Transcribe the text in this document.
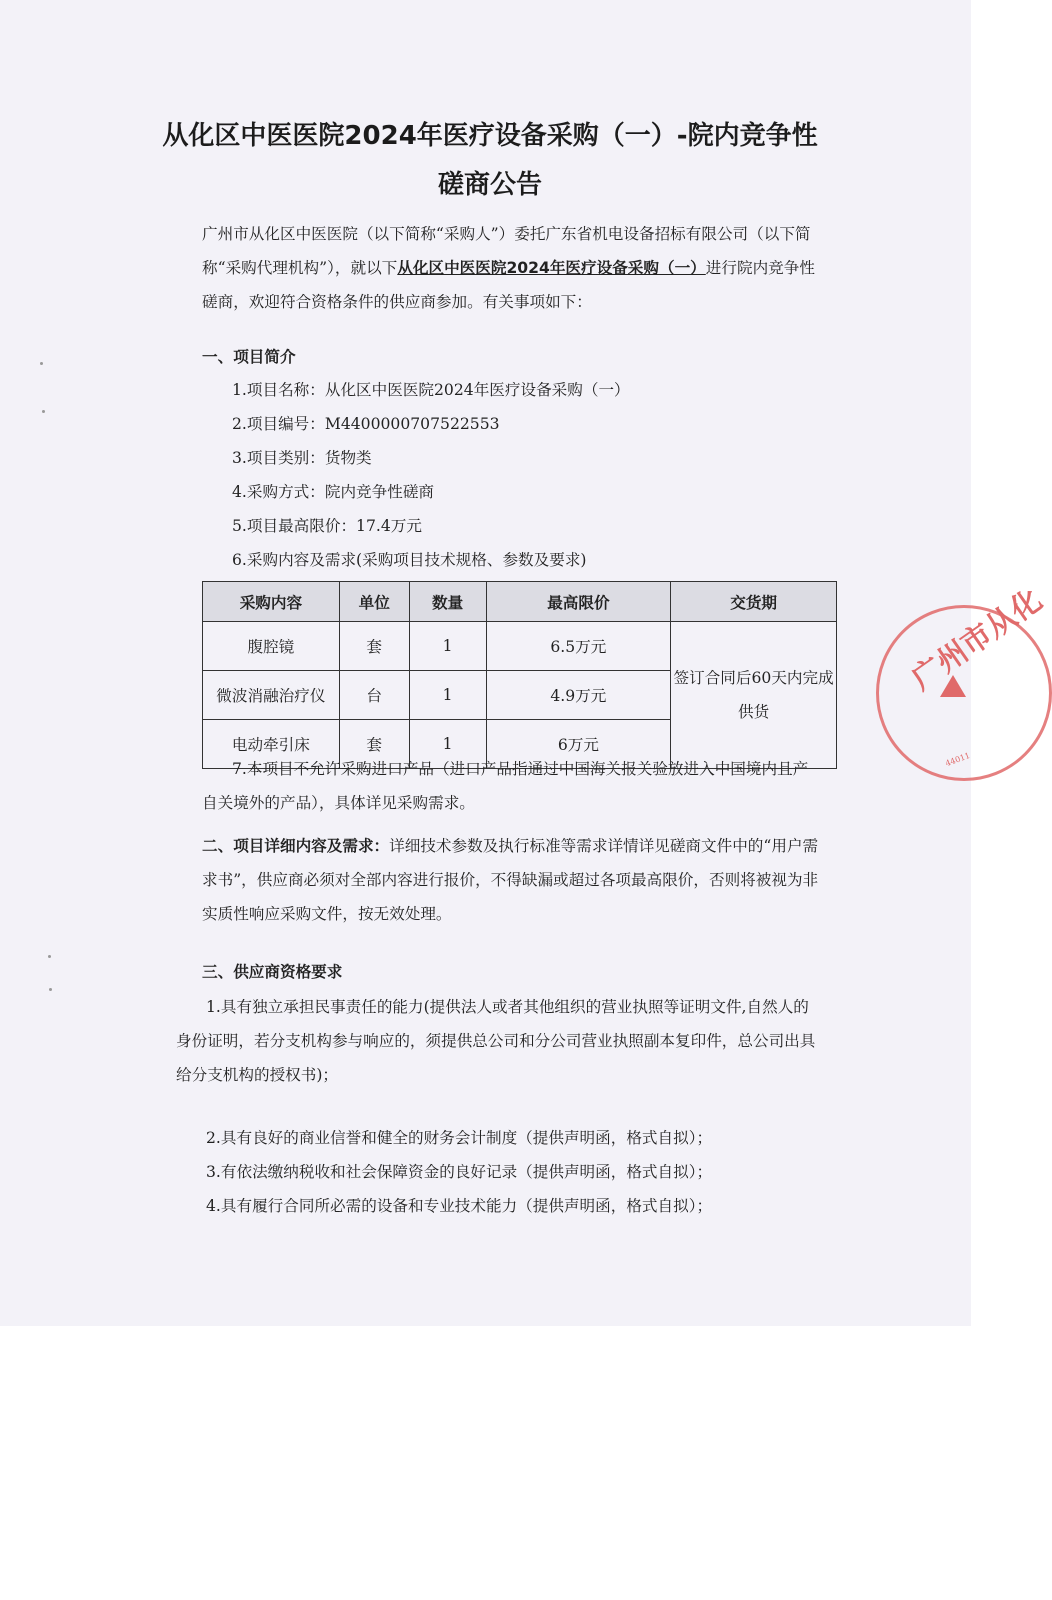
从化区中医医院2024年医疗设备采购（一）-院内竞争性磋商公告
广州市从化区中医医院（以下简称“采购人”）委托广东省机电设备招标有限公司（以下简称“采购代理机构”），就以下从化区中医医院2024年医疗设备采购（一）进行院内竞争性磋商，欢迎符合资格条件的供应商参加。有关事项如下：
一、项目简介
1.项目名称：从化区中医医院2024年医疗设备采购（一）
2.项目编号：M4400000707522553
3.项目类别：货物类
4.采购方式：院内竞争性磋商
5.项目最高限价：17.4万元
6.采购内容及需求(采购项目技术规格、参数及要求)
采购内容	单位	数量	最高限价	交货期
腹腔镜	套	1	6.5万元	签订合同后60天内完成供货
微波消融治疗仪	台	1	4.9万元	
电动牵引床	套	1	6万元	
7.本项目不允许采购进口产品（进口产品指通过中国海关报关验放进入中国境内且产自关境外的产品），具体详见采购需求。
二、项目详细内容及需求：详细技术参数及执行标准等需求详情详见磋商文件中的“用户需求书”，供应商必须对全部内容进行报价，不得缺漏或超过各项最高限价，否则将被视为非实质性响应采购文件，按无效处理。
三、供应商资格要求
1.具有独立承担民事责任的能力(提供法人或者其他组织的营业执照等证明文件,自然人的身份证明，若分支机构参与响应的，须提供总公司和分公司营业执照副本复印件，总公司出具给分支机构的授权书)；
2.具有良好的商业信誉和健全的财务会计制度（提供声明函，格式自拟）；
3.有依法缴纳税收和社会保障资金的良好记录（提供声明函，格式自拟）；
4.具有履行合同所必需的设备和专业技术能力（提供声明函，格式自拟）；
广州市从化
44011
